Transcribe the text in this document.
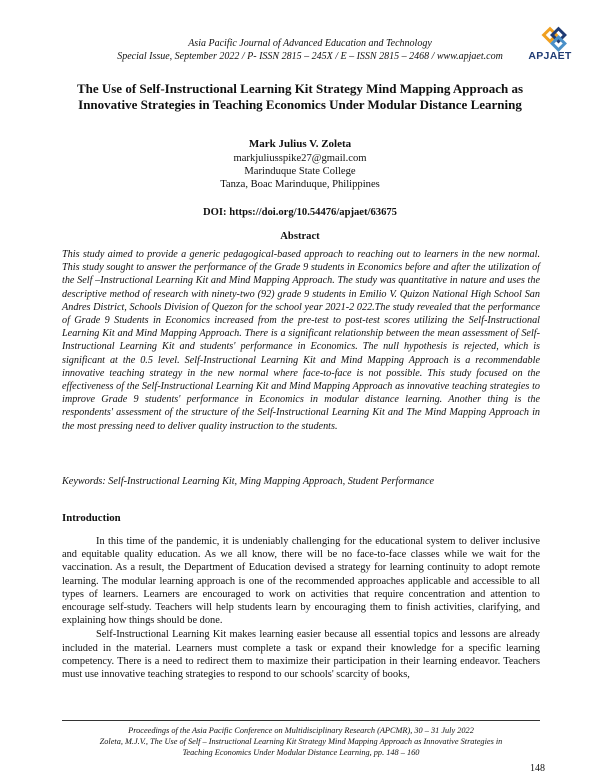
Asia Pacific Journal of Advanced Education and Technology
Special Issue, September 2022 / P- ISSN 2815 – 245X / E – ISSN 2815 – 2468 / www.apjaet.com	APJAET
The Use of Self-Instructional Learning Kit Strategy Mind Mapping Approach as
Innovative Strategies in Teaching Economics Under Modular Distance Learning
Mark Julius V. Zoleta
markjuliusspike27@gmail.com
Marinduque State College
Tanza, Boac Marinduque, Philippines
DOI: https://doi.org/10.54476/apjaet/63675
Abstract
This study aimed to provide a generic pedagogical-based approach to reaching out to learners in the new normal. This study sought to answer the performance of the Grade 9 students in Economics before and after the utilization of the Self –Instructional Learning Kit and Mind Mapping Approach. The study was quantitative in nature and uses the descriptive method of research with ninety-two (92) grade 9 students in Emilio V. Quizon National High School San Andres District, Schools Division of Quezon for the school year 2021-2 022.The study revealed that the performance of Grade 9 Students in Economics increased from the pre-test to post-test scores utilizing the Self-Instructional Learning Kit and Mind Mapping Approach. There is a significant relationship between the mean assessment of Self-Instructional Learning Kit and students' performance in Economics. The null hypothesis is rejected, which is significant at the 0.5 level. Self-Instructional Learning Kit and Mind Mapping Approach is a recommendable innovative teaching strategy in the new normal where face-to-face is not possible. This study focused on the effectiveness of the Self-Instructional Learning Kit and Mind Mapping Approach as innovative teaching strategies to improve Grade 9 students' performance in Economics in modular distance learning. Another thing is the respondents' assessment of the structure of the Self-Instructional Learning Kit and The Mind Mapping Approach in the most pressing need to deliver quality instruction to the students.
Keywords: Self-Instructional Learning Kit, Ming Mapping Approach, Student Performance
Introduction

In this time of the pandemic, it is undeniably challenging for the educational system to deliver inclusive and equitable quality education. As we all know, there will be no face-to-face classes while we wait for the vaccination. As a result, the Department of Education devised a strategy for learning continuity to adopt remote learning. The modular learning approach is one of the recommended approaches applicable and accessible to all types of learners. Learners are encouraged to work on activities that require concentration and attention to encourage self-study. Teachers will help students learn by encouraging them to finish activities, clarifying, and explaining how things should be done.

Self-Instructional Learning Kit makes learning easier because all essential topics and lessons are already included in the material. Learners must complete a task or expand their knowledge for a specific learning competency. There is a need to redirect them to maximize their participation in their learning endeavor. Teachers must use innovative teaching strategies to respond to our schools' scarcity of books,

Proceedings of the Asia Pacific Conference on Multidisciplinary Research (APCMR), 30 – 31 July 2022
Zoleta, M.J.V., The Use of Self – Instructional Learning Kit Strategy Mind Mapping Approach as Innovative Strategies in
Teaching Economics Under Modular Distance Learning, pp. 148 – 160
148
